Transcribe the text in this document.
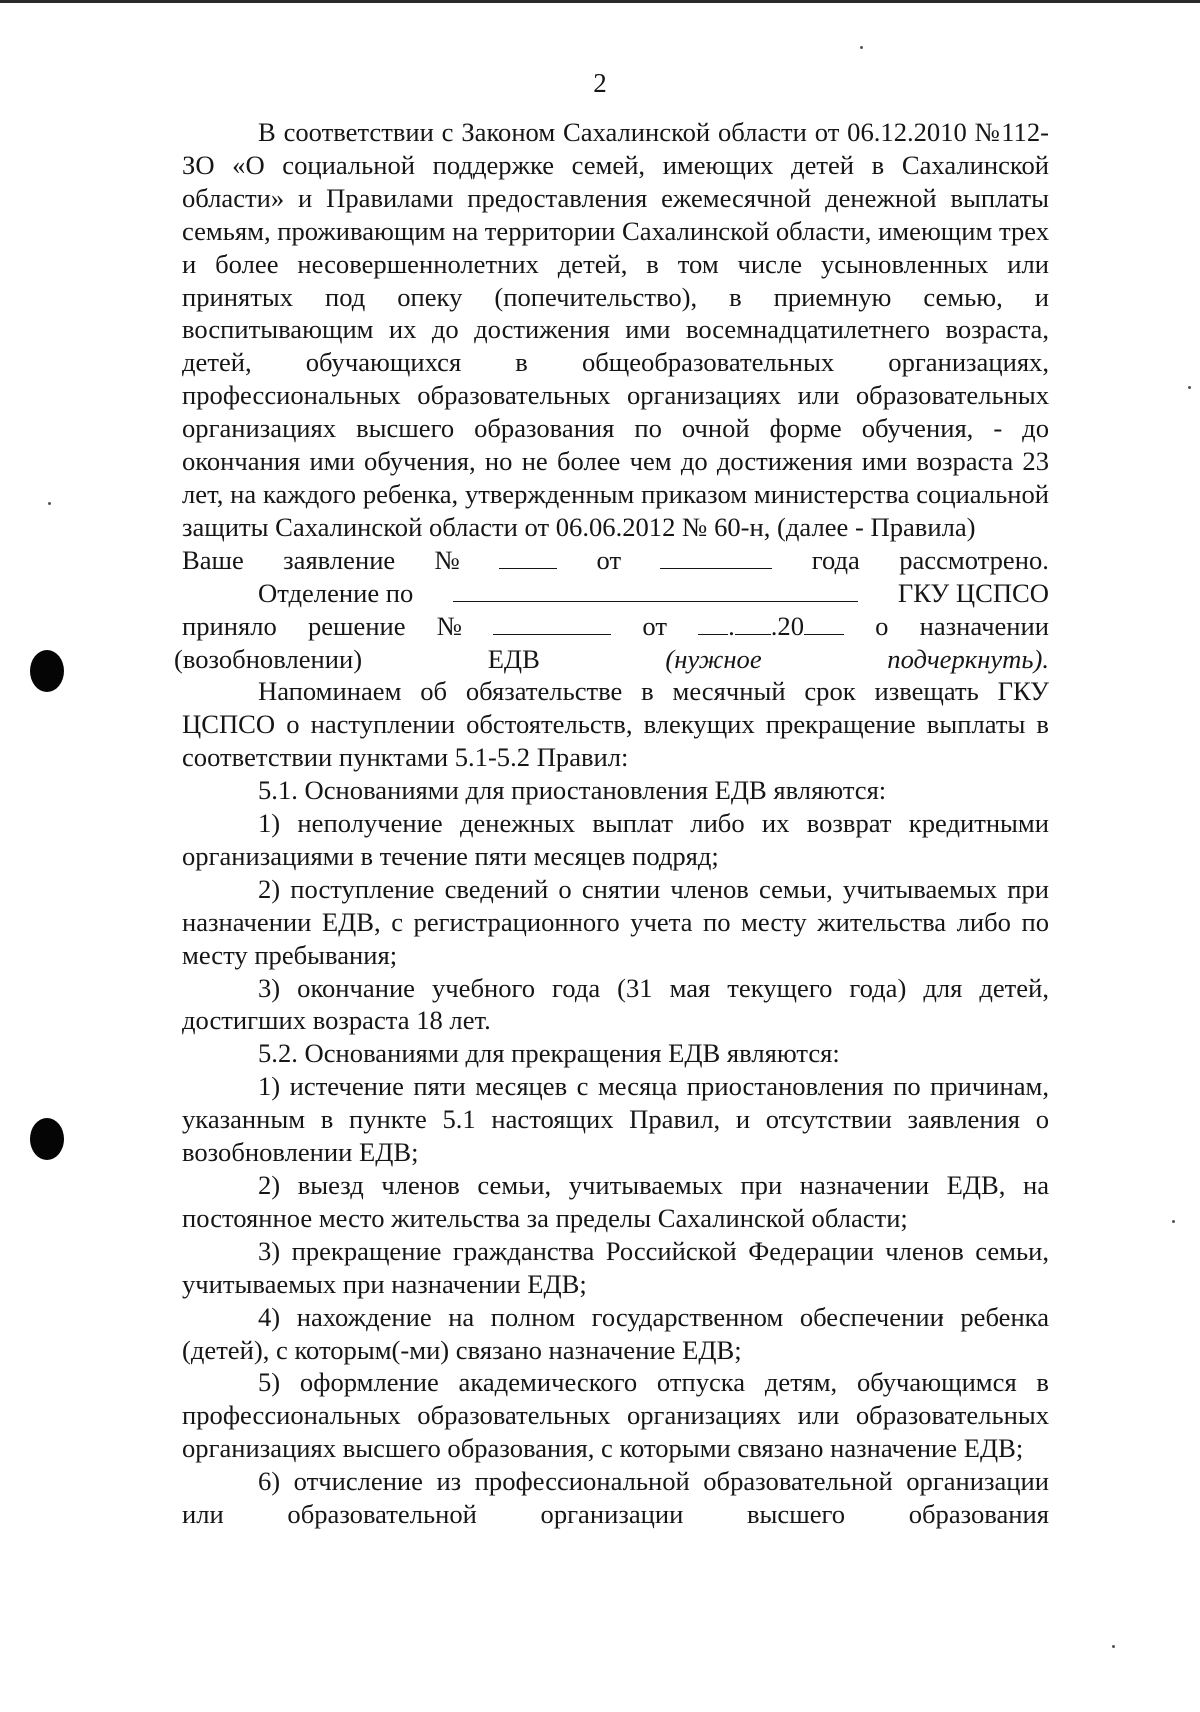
2

В соответствии с Законом Сахалинской области от 06.12.2010 №112-ЗО «О социальной поддержке семей, имеющих детей в Сахалинской области» и Правилами предоставления ежемесячной денежной выплаты семьям, проживающим на территории Сахалинской области, имеющим трех и более несовершеннолетних детей, в том числе усыновленных или принятых под опеку (попечительство), в приемную семью, и воспитывающим их до достижения ими восемнадцатилетнего возраста, детей, обучающихся в общеобразовательных организациях, профессиональных образовательных организациях или образовательных организациях высшего образования по очной форме обучения, - до окончания ими обучения, но не более чем до достижения ими возраста 23 лет, на каждого ребенка, утвержденным приказом министерства социальной защиты Сахалинской области от 06.06.2012 № 60-н, (далее - Правила)

Ваше заявление №	от	года рассмотрено.
Отделение по	ГКУ ЦСПСО
приняло решение №	от . .20	о назначении
(возобновлении)	ЕДВ	(нужное	подчеркнуть).

Напоминаем об обязательстве в месячный срок извещать ГКУ ЦСПСО о наступлении обстоятельств, влекущих прекращение выплаты в соответствии пунктами 5.1-5.2 Правил:

5.1. Основаниями для приостановления ЕДВ являются:

1) неполучение денежных выплат либо их возврат кредитными организациями в течение пяти месяцев подряд;

2) поступление сведений о снятии членов семьи, учитываемых при назначении ЕДВ, с регистрационного учета по месту жительства либо по месту пребывания;

3) окончание учебного года (31 мая текущего года) для детей, достигших возраста 18 лет.

5.2. Основаниями для прекращения ЕДВ являются:

1) истечение пяти месяцев с месяца приостановления по причинам, указанным в пункте 5.1 настоящих Правил, и отсутствии заявления о возобновлении ЕДВ;

2) выезд членов семьи, учитываемых при назначении ЕДВ, на постоянное место жительства за пределы Сахалинской области;

3) прекращение гражданства Российской Федерации членов семьи, учитываемых при назначении ЕДВ;

4) нахождение на полном государственном обеспечении ребенка (детей), с которым(-ми) связано назначение ЕДВ;

5) оформление академического отпуска детям, обучающимся в профессиональных образовательных организациях или образовательных организациях высшего образования, с которыми связано назначение ЕДВ;

6) отчисление из профессиональной образовательной организации или образовательной организации высшего образования
